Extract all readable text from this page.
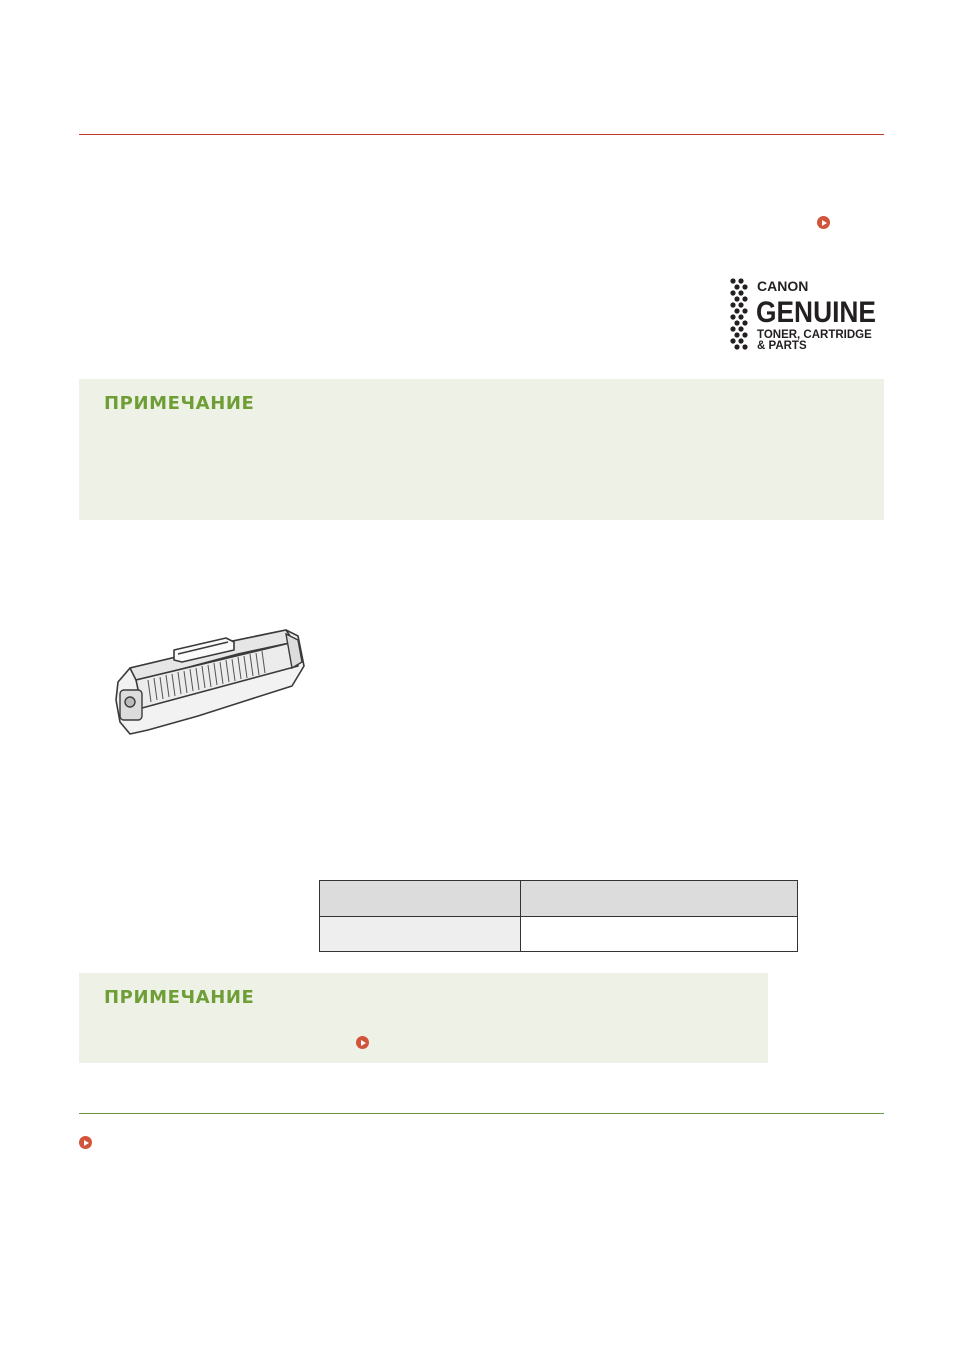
CANON
GENUINE
TONER, CARTRIDGE
& PARTS
ПРИМЕЧАНИЕ

ПРИМЕЧАНИЕ
